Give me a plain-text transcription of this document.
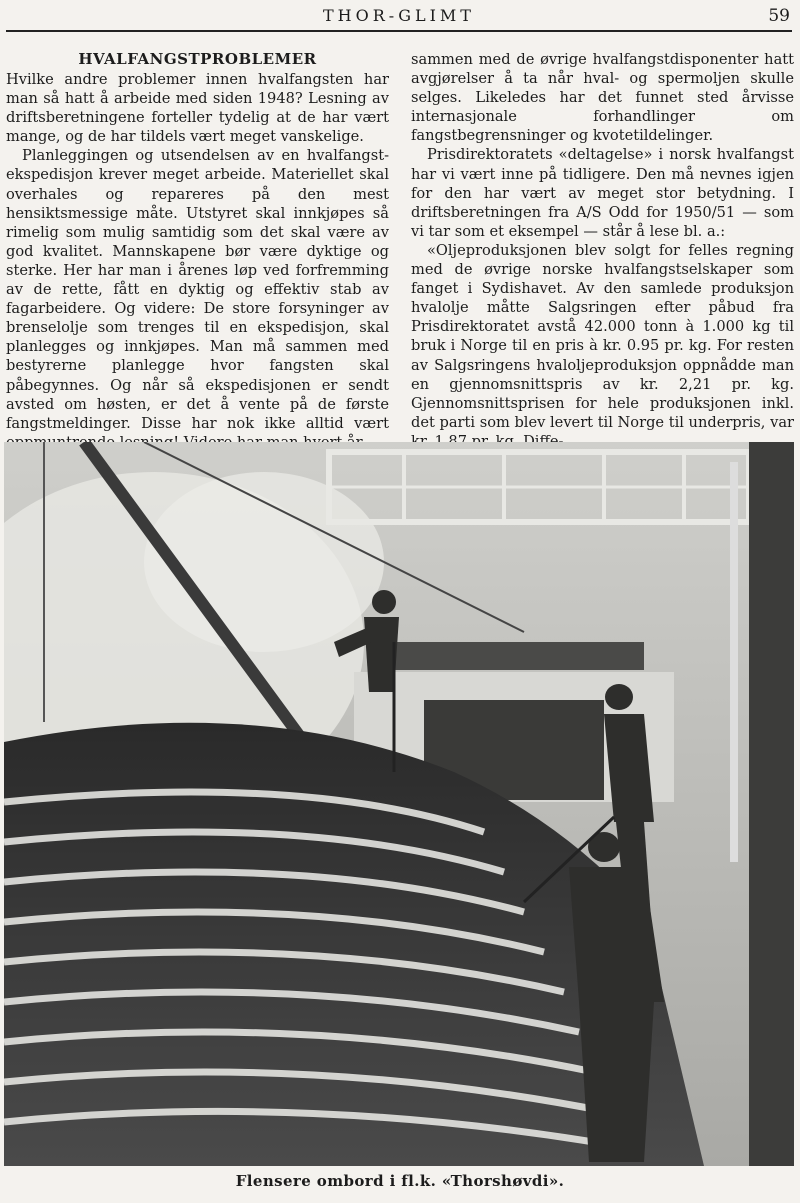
THOR-GLIMT	59
HVALFANGSTPROBLEMER

Hvilke andre problemer innen hvalfangsten har man så hatt å arbeide med siden 1948? Lesning av driftsberetningene forteller tydelig at de har vært mange, og de har tildels vært meget vanskelige.

Planleggingen og utsendelsen av en hvalfangst-ekspedisjon krever meget arbeide. Materiellet skal overhales og repareres på den mest hensiktsmessige måte. Utstyret skal innkjøpes så rimelig som mulig samtidig som det skal være av god kvalitet. Mannskapene bør være dyktige og sterke. Her har man i årenes løp ved forfremming av de rette, fått en dyktig og effektiv stab av fagarbeidere. Og videre: De store forsyninger av brenselolje som trenges til en ekspedisjon, skal planlegges og innkjøpes. Man må sammen med bestyrerne planlegge hvor fangsten skal påbegynnes. Og når så ekspedisjonen er sendt avsted om høsten, er det å vente på de første fangstmeldinger. Disse har nok ikke alltid vært

sammen med de øvrige hvalfangstdisponenter hatt avgjørelser å ta når hval- og spermoljen skulle selges. Likeledes har det funnet sted årvisse internasjonale forhandlinger om fangstbegrensninger og kvotetildelinger.

Prisdirektoratets «deltagelse» i norsk hvalfangst har vi vært inne på tidligere. Den må nevnes igjen for den har vært av meget stor betydning. I driftsberetningen fra A/S Odd for 1950/51 — som vi tar som et eksempel — står å lese bl. a.:

«Oljeproduksjonen blev solgt for felles regning med de øvrige norske hvalfangstselskaper som fanget i Sydishavet. Av den samlede produksjon hvalolje måtte Salgsringen efter påbud fra Prisdirektoratet avstå 42.000 tonn à 1.000 kg til bruk i Norge til en pris à kr. 0.95 pr. kg. For resten av Salgsringens hvaloljeproduksjon oppnådde man en gjennomsnittspris av kr. 2,21 pr. kg. Gjennomsnittsprisen for hele produksjonen inkl. det parti som blev levert til Norge til underpris, var

Flensere ombord i fl.k. «Thorshøvdi».
